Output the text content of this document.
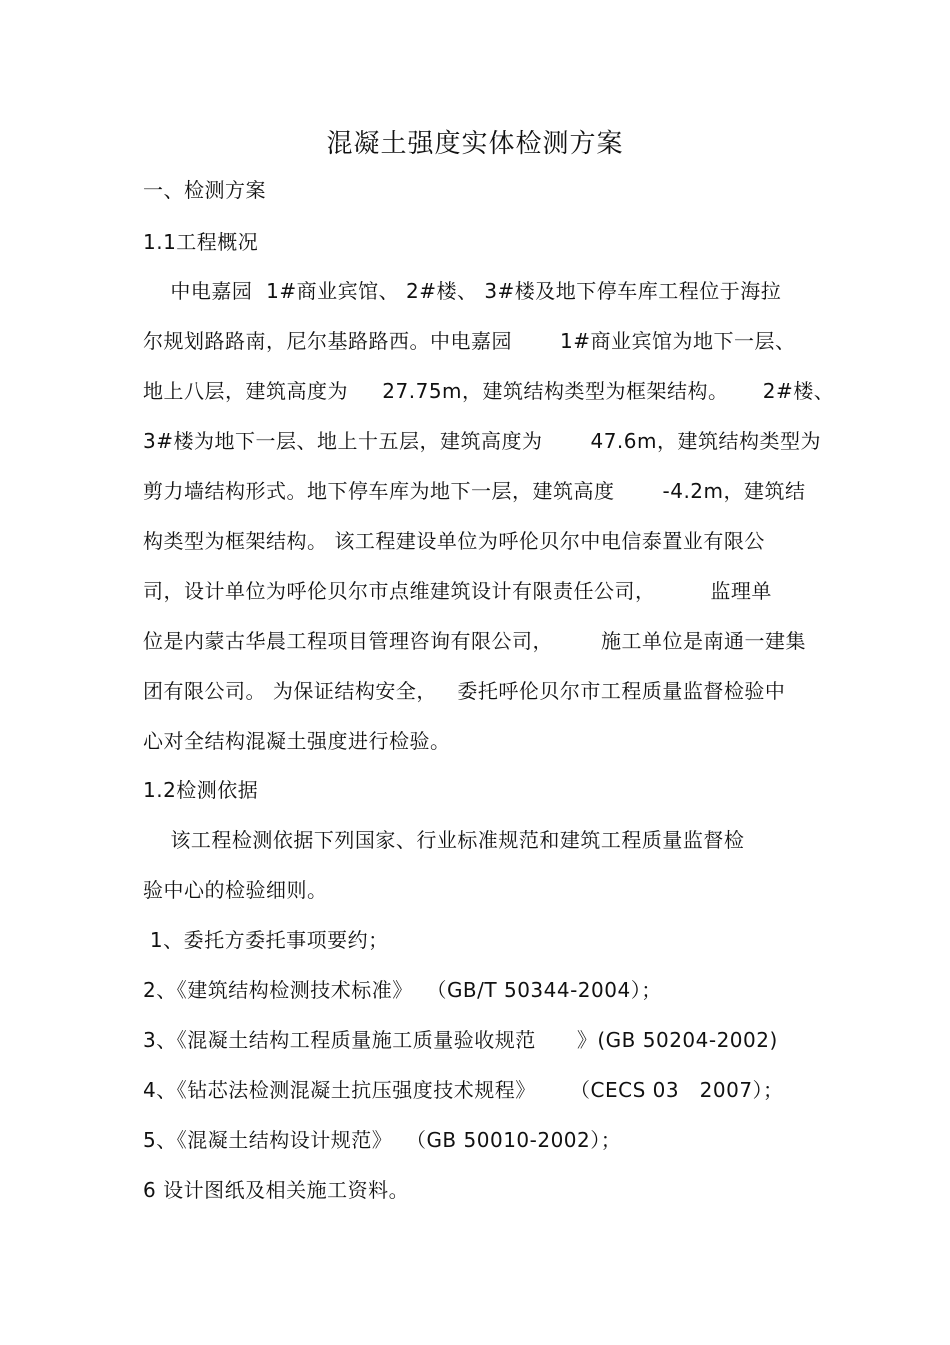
混凝土强度实体检测方案
一、检测方案
1.1工程概况
中电嘉园  1#商业宾馆、 2#楼、 3#楼及地下停车库工程位于海拉
尔规划路路南，尼尔基路路西。中电嘉园       1#商业宾馆为地下一层、
地上八层，建筑高度为     27.75m，建筑结构类型为框架结构。     2#楼、
3#楼为地下一层、地上十五层，建筑高度为       47.6m，建筑结构类型为
剪力墙结构形式。地下停车库为地下一层，建筑高度       -4.2m，建筑结
构类型为框架结构。 该工程建设单位为呼伦贝尔中电信泰置业有限公
司，设计单位为呼伦贝尔市点维建筑设计有限责任公司，        监理单
位是内蒙古华晨工程项目管理咨询有限公司，       施工单位是南通一建集
团有限公司。 为保证结构安全，   委托呼伦贝尔市工程质量监督检验中
心对全结构混凝土强度进行检验。
1.2检测依据
该工程检测依据下列国家、行业标准规范和建筑工程质量监督检
验中心的检验细则。
1、委托方委托事项要约；
2、《建筑结构检测技术标准》  （GB/T 50344-2004）；
3、《混凝土结构工程质量施工质量验收规范      》(GB 50204-2002)
4、《钻芯法检测混凝土抗压强度技术规程》     （CECS 03   2007）；
5、《混凝土结构设计规范》  （GB 50010-2002）；
6 设计图纸及相关施工资料。
